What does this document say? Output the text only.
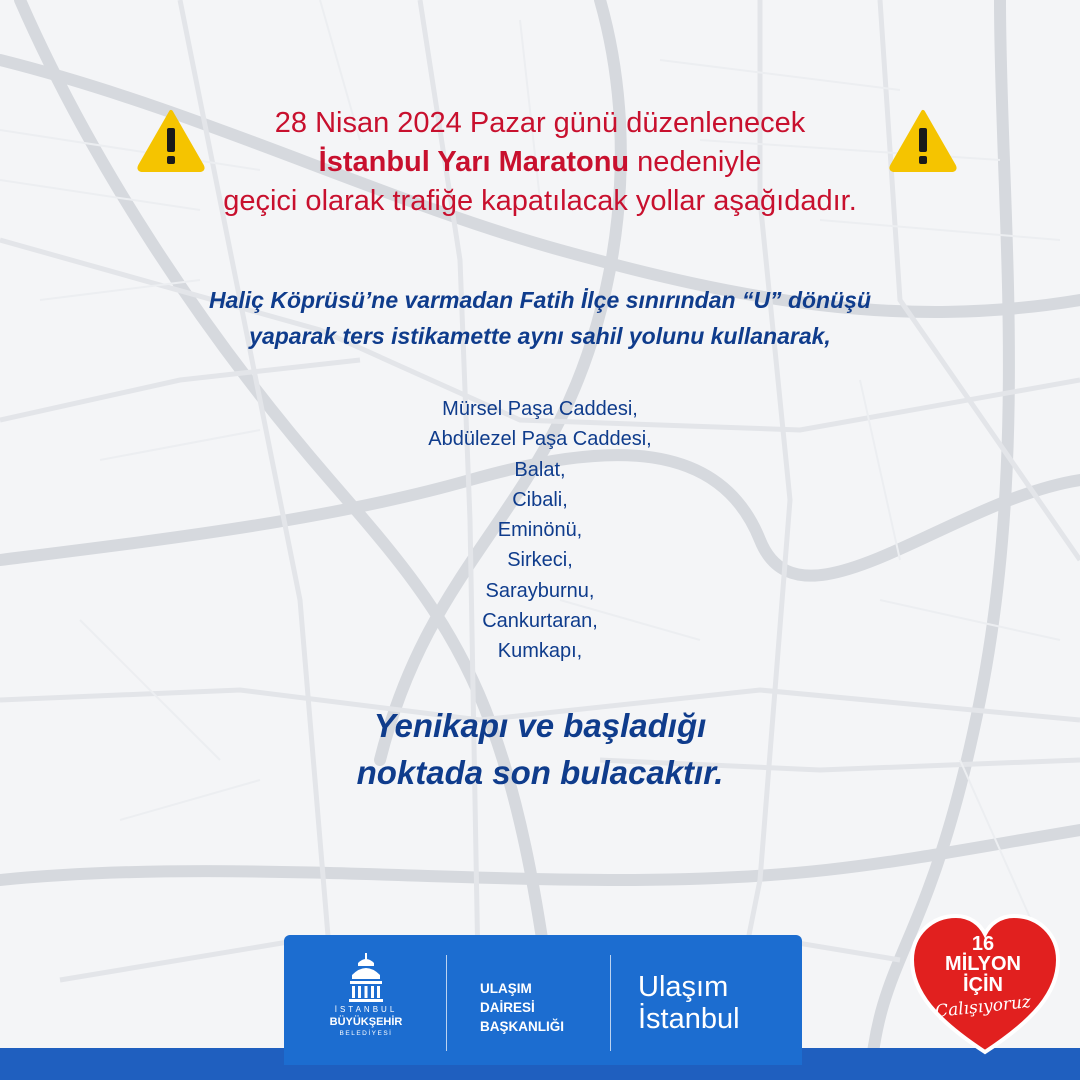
28 Nisan 2024 Pazar günü düzenlenecek
İstanbul Yarı Maratonu nedeniyle
geçici olarak trafiğe kapatılacak yollar aşağıdadır.
Haliç Köprüsü’ne varmadan Fatih İlçe sınırından “U” dönüşü
yaparak ters istikamette aynı sahil yolunu kullanarak,
Mürsel Paşa Caddesi,
Abdülezel Paşa Caddesi,
Balat,
Cibali,
Eminönü,
Sirkeci,
Sarayburnu,
Cankurtaran,
Kumkapı,
Yenikapı ve başladığı
noktada son bulacaktır.
İSTANBUL
BÜYÜKŞEHİR
BELEDİYESİ
ULAŞIM
DAİRESİ
BAŞKANLIĞI
Ulaşım
İstanbul
16
MİLYON
İÇİN
Çalışıyoruz
